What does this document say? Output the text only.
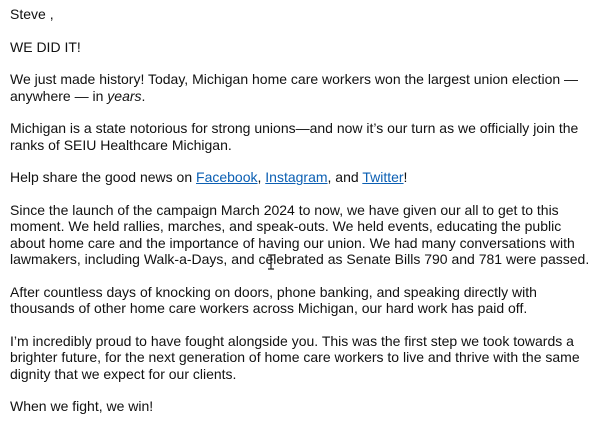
Steve ,

WE DID IT!

We just made history! Today, Michigan home care workers won the largest union election — anywhere — in years.

Michigan is a state notorious for strong unions—and now it’s our turn as we officially join the ranks of SEIU Healthcare Michigan.

Help share the good news on Facebook, Instagram, and Twitter!

Since the launch of the campaign March 2024 to now, we have given our all to get to this moment. We held rallies, marches, and speak-outs. We held events, educating the public about home care and the importance of having our union. We had many conversations with lawmakers, including Walk-a-Days, and celebrated as Senate Bills 790 and 781 were passed.

After countless days of knocking on doors, phone banking, and speaking directly with thousands of other home care workers across Michigan, our hard work has paid off.

I’m incredibly proud to have fought alongside you. This was the first step we took towards a brighter future, for the next generation of home care workers to live and thrive with the same dignity that we expect for our clients.

When we fight, we win!
